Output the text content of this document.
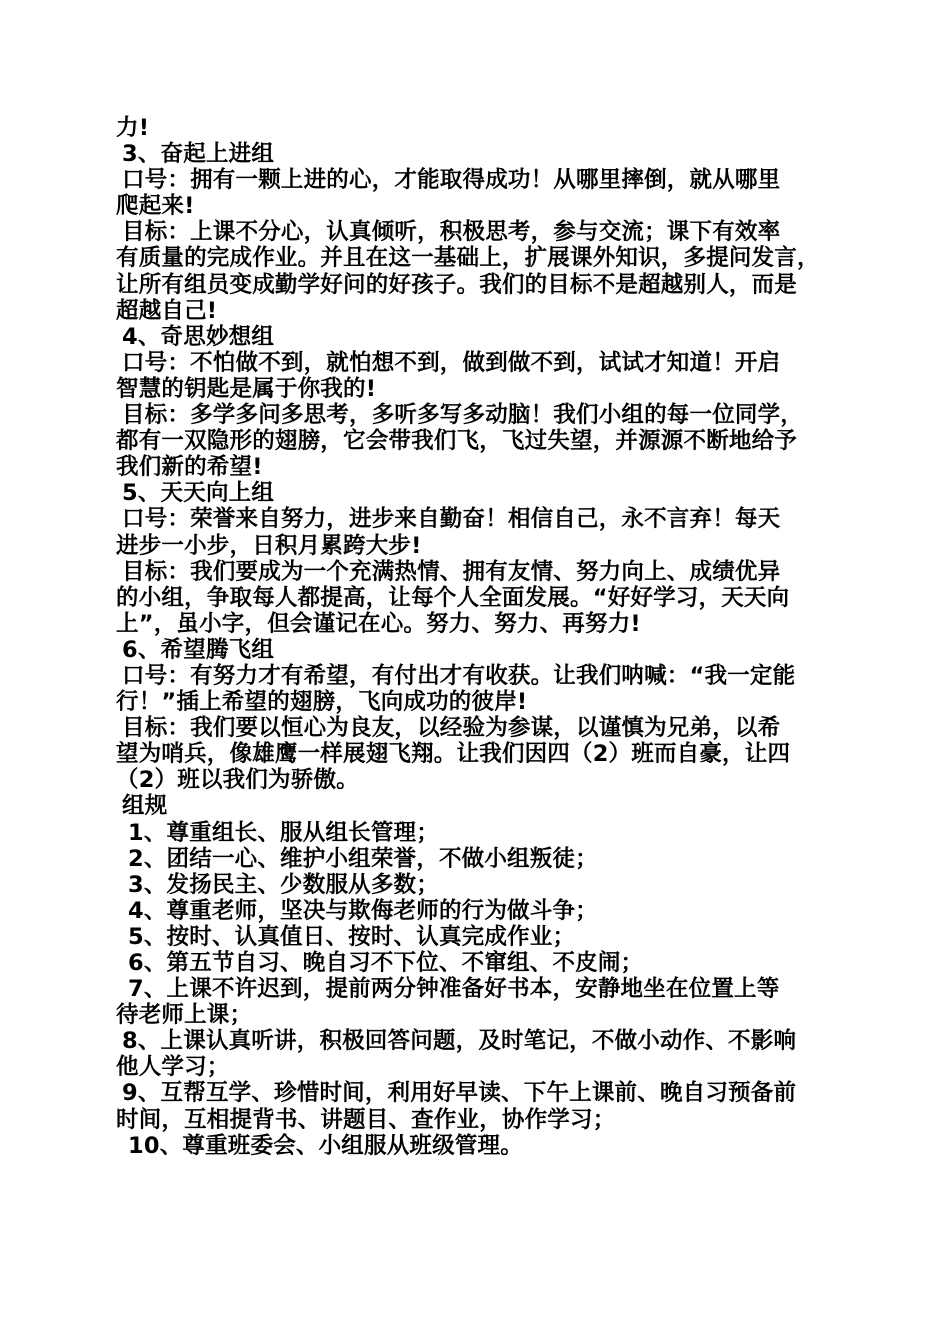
力!
3、奋起上进组
口号：拥有一颗上进的心，才能取得成功！从哪里摔倒，就从哪里
爬起来!
目标：上课不分心，认真倾听，积极思考，参与交流；课下有效率
有质量的完成作业。并且在这一基础上，扩展课外知识，多提问发言，
让所有组员变成勤学好问的好孩子。我们的目标不是超越别人，而是
超越自己!
4、奇思妙想组
口号：不怕做不到，就怕想不到，做到做不到，试试才知道！开启
智慧的钥匙是属于你我的!
目标：多学多问多思考，多听多写多动脑！我们小组的每一位同学，
都有一双隐形的翅膀，它会带我们飞，飞过失望，并源源不断地给予
我们新的希望!
5、天天向上组
口号：荣誉来自努力，进步来自勤奋！相信自己，永不言弃！每天
进步一小步，日积月累跨大步!
目标：我们要成为一个充满热情、拥有友情、努力向上、成绩优异
的小组，争取每人都提高，让每个人全面发展。“好好学习，天天向
上”，虽小字，但会谨记在心。努力、努力、再努力!
6、希望腾飞组
口号：有努力才有希望，有付出才有收获。让我们呐喊：“我一定能
行！”插上希望的翅膀，飞向成功的彼岸!
目标：我们要以恒心为良友，以经验为参谋，以谨慎为兄弟，以希
望为哨兵，像雄鹰一样展翅飞翔。让我们因四（2）班而自豪，让四
（2）班以我们为骄傲。
组规
1、尊重组长、服从组长管理；
2、团结一心、维护小组荣誉，不做小组叛徒；
3、发扬民主、少数服从多数；
4、尊重老师，坚决与欺侮老师的行为做斗争；
5、按时、认真值日、按时、认真完成作业；
6、第五节自习、晚自习不下位、不窜组、不皮闹；
7、上课不许迟到，提前两分钟准备好书本，安静地坐在位置上等
待老师上课；
8、上课认真听讲，积极回答问题，及时笔记，不做小动作、不影响
他人学习；
9、互帮互学、珍惜时间，利用好早读、下午上课前、晚自习预备前
时间，互相提背书、讲题目、查作业，协作学习；
10、尊重班委会、小组服从班级管理。
